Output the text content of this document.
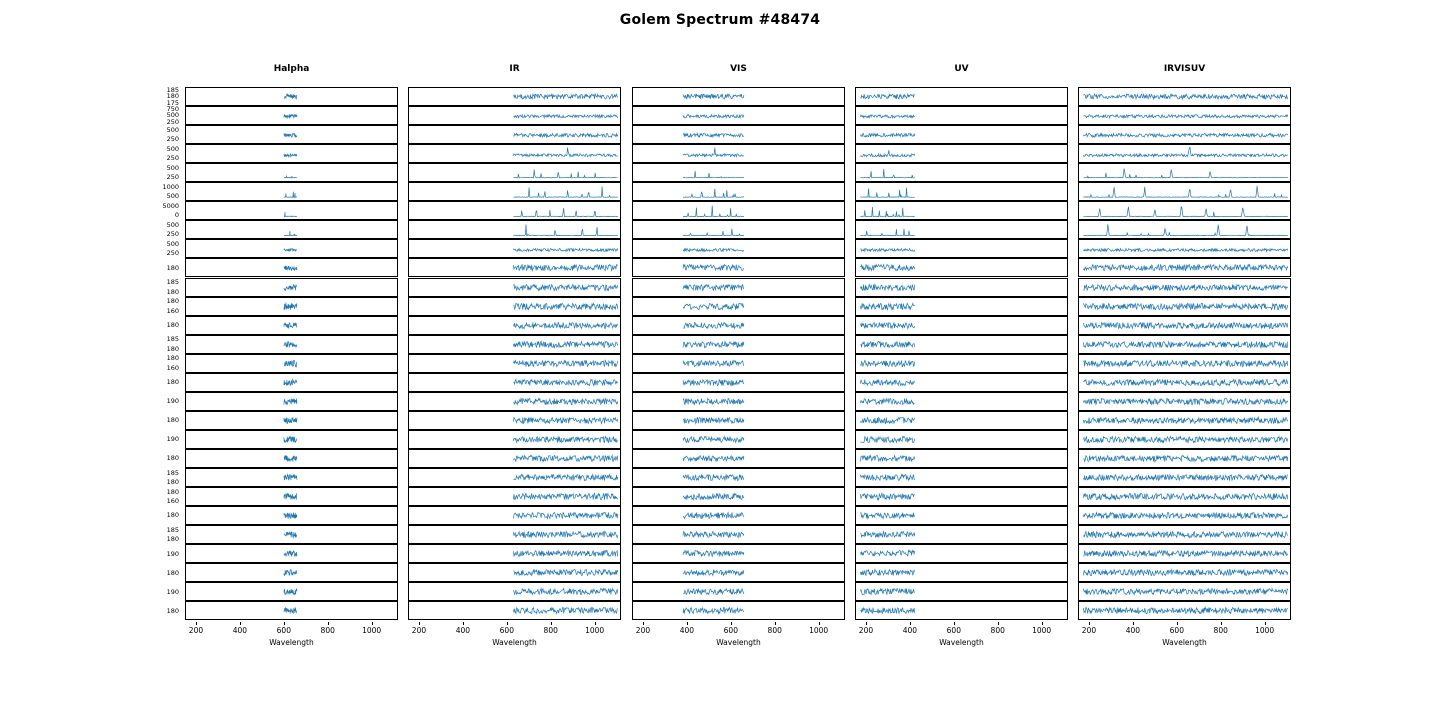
Golem Spectrum #48474
Halpha
200	400	600	800	1000
Wavelength
IR
200	400	600	800	1000
Wavelength
VIS
200	400	600	800	1000
Wavelength
UV
200	400	600	800	1000
Wavelength
IRVISUV
200	400	600	800	1000
Wavelength
185
180
175
750
500
250
500
250
500
250
500
250
1000
500
5000
0
500
250
500
250
180
185
180
180
160
180
185
180
180
160
180
190
180
190
180
185
180
180
160
180
185
180
190
180
190
180
